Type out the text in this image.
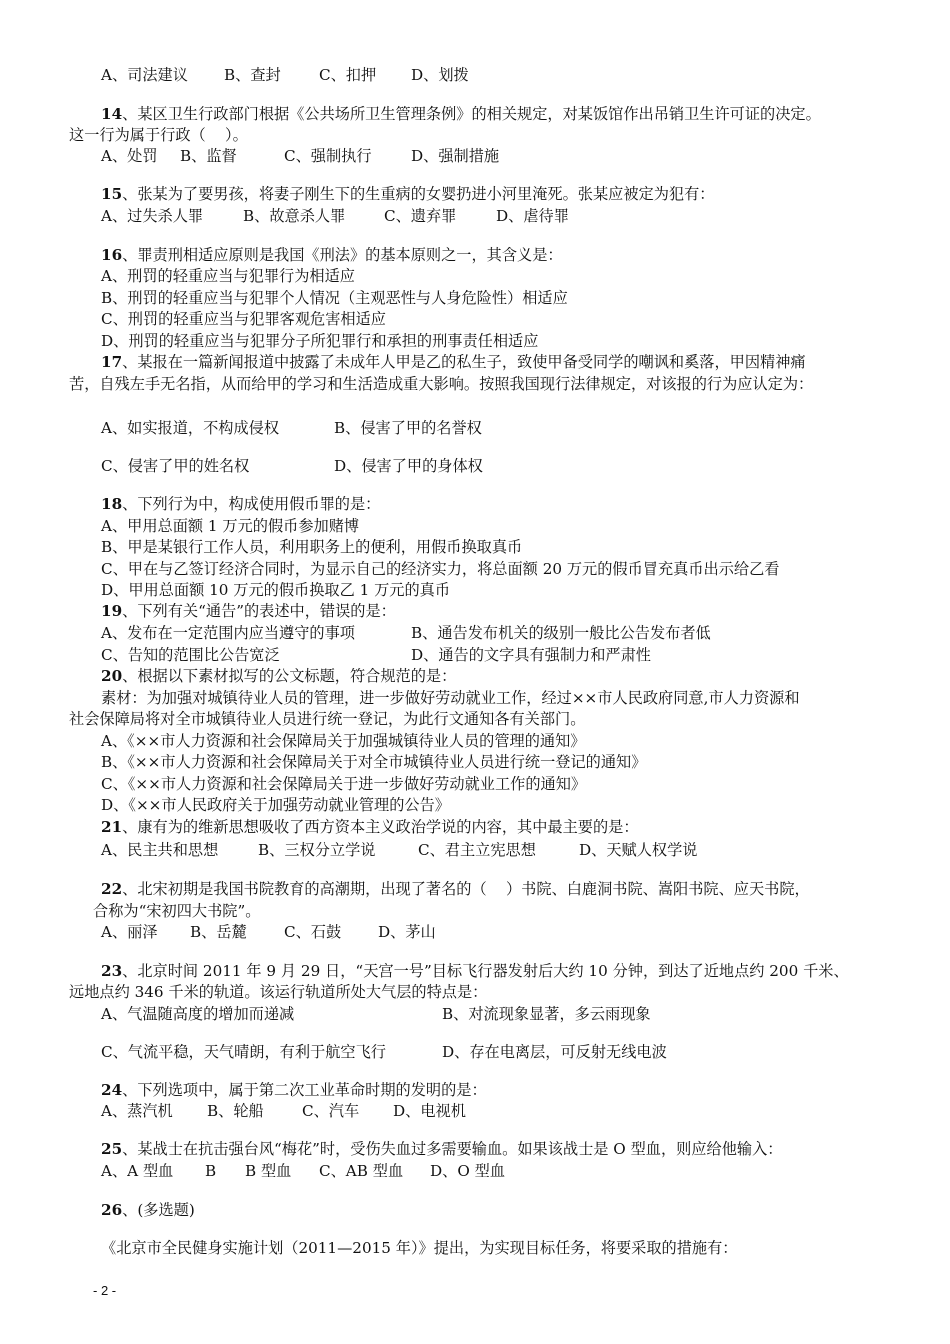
A、司法建议 B、查封	C、扣押 D、划拨
14、某区卫生行政部门根据《公共场所卫生管理条例》的相关规定，对某饭馆作出吊销卫生许可证的决定。
这一行为属于行政（    ）。
A、处罚 B、监督	C、强制执行	D、强制措施
15、张某为了要男孩，将妻子刚生下的生重病的女婴扔进小河里淹死。张某应被定为犯有：
A、过失杀人罪	B、故意杀人罪	C、遗弃罪	D、虐待罪
16、罪责刑相适应原则是我国《刑法》的基本原则之一，其含义是：
A、刑罚的轻重应当与犯罪行为相适应
B、刑罚的轻重应当与犯罪个人情况（主观恶性与人身危险性）相适应
C、刑罚的轻重应当与犯罪客观危害相适应
D、刑罚的轻重应当与犯罪分子所犯罪行和承担的刑事责任相适应
17、某报在一篇新闻报道中披露了未成年人甲是乙的私生子，致使甲备受同学的嘲讽和奚落，甲因精神痛
苦，自残左手无名指，从而给甲的学习和生活造成重大影响。按照我国现行法律规定，对该报的行为应认定为：
A、如实报道，不构成侵权	B、侵害了甲的名誉权
C、侵害了甲的姓名权	D、侵害了甲的身体权
18、下列行为中，构成使用假币罪的是：
A、甲用总面额 1 万元的假币参加赌博
B、甲是某银行工作人员，利用职务上的便利，用假币换取真币
C、甲在与乙签订经济合同时，为显示自己的经济实力，将总面额 20 万元的假币冒充真币出示给乙看
D、甲用总面额 10 万元的假币换取乙 1 万元的真币
19、下列有关“通告”的表述中，错误的是：
A、发布在一定范围内应当遵守的事项	B、通告发布机关的级别一般比公告发布者低
C、告知的范围比公告宽泛	D、通告的文字具有强制力和严肃性
20、根据以下素材拟写的公文标题，符合规范的是：
素材：为加强对城镇待业人员的管理，进一步做好劳动就业工作，经过××市人民政府同意,市人力资源和
社会保障局将对全市城镇待业人员进行统一登记，为此行文通知各有关部门。
A、《××市人力资源和社会保障局关于加强城镇待业人员的管理的通知》
B、《××市人力资源和社会保障局关于对全市城镇待业人员进行统一登记的通知》
C、《××市人力资源和社会保障局关于进一步做好劳动就业工作的通知》
D、《××市人民政府关于加强劳动就业管理的公告》
21、康有为的维新思想吸收了西方资本主义政治学说的内容，其中最主要的是：
A、民主共和思想	B、三权分立学说	C、君主立宪思想	D、天赋人权学说
22、北宋初期是我国书院教育的高潮期，出现了著名的（    ）书院、白鹿洞书院、嵩阳书院、应天书院，
合称为“宋初四大书院”。
A、丽泽 B、岳麓 C、石鼓 D、茅山
23、北京时间 2011 年 9 月 29 日，“天宫一号”目标飞行器发射后大约 10 分钟，到达了近地点约 200 千米、
远地点约 346 千米的轨道。该运行轨道所处大气层的特点是：
A、气温随高度的增加而递减	B、对流现象显著，多云雨现象
C、气流平稳，天气晴朗，有利于航空飞行	D、存在电离层，可反射无线电波
24、下列选项中，属于第二次工业革命时期的发明的是：
A、蒸汽机 B、轮船	C、汽车 D、电视机
25、某战士在抗击强台风“梅花”时，受伤失血过多需要输血。如果该战士是 O 型血，则应给他输入：
A、A 型血 B B 型血 C、AB 型血 D、O 型血
26、(多选题)
《北京市全民健身实施计划（2011—2015 年）》提出，为实现目标任务，将要采取的措施有：
- 2 -
